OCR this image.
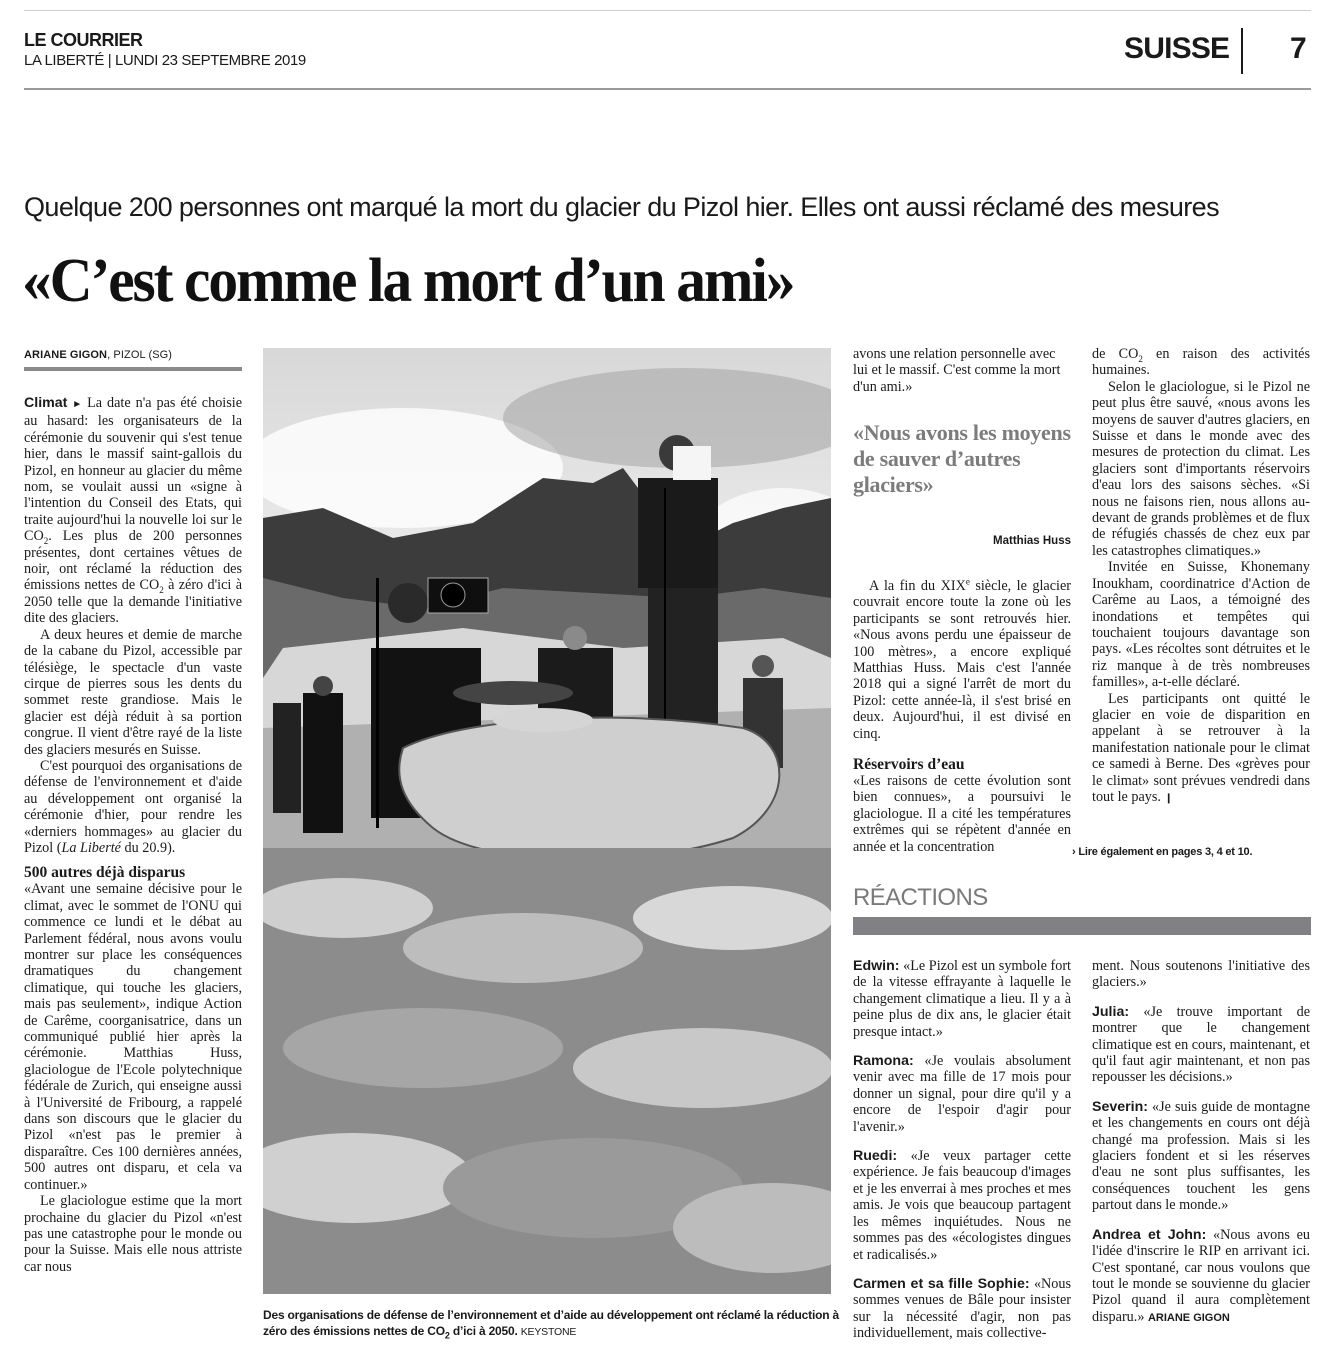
LE COURRIER
LA LIBERTÉ | LUNDI 23 SEPTEMBRE 2019	SUISSE 7
Quelque 200 personnes ont marqué la mort du glacier du Pizol hier. Elles ont aussi réclamé des mesures
«C’est comme la mort d’un ami»
ARIANE GIGON, PIZOL (SG)

Climat ► La date n'a pas été choisie au hasard: les organisateurs de la cérémonie du souvenir qui s'est tenue hier, dans le massif saint-gallois du Pizol, en honneur au glacier du même nom, se voulait aussi un «signe à l'intention du Conseil des Etats, qui traite aujourd'hui la nouvelle loi sur le $CO_2$. Les plus de 200 personnes présentes, dont certaines vêtues de noir, ont réclamé la réduction des émissions nettes de $CO_2$ à zéro d'ici à 2050 telle que la demande l'initiative dite des glaciers.

A deux heures et demie de marche de la cabane du Pizol, accessible par télésiège, le spectacle d'un vaste cirque de pierres sous les dents du sommet reste grandiose. Mais le glacier est déjà réduit à sa portion congrue. Il vient d'être rayé de la liste des glaciers mesurés en Suisse.

C'est pourquoi des organisations de défense de l'environnement et d'aide au développement ont organisé la cérémonie d'hier, pour rendre les «derniers hommages» au glacier du Pizol (La Liberté du 20.9).

500 autres déjà disparus

«Avant une semaine décisive pour le climat, avec le sommet de l'ONU qui commence ce lundi et le débat au Parlement fédéral, nous avons voulu montrer sur place les conséquences dramatiques du changement climatique, qui touche les glaciers, mais pas seulement», indique Action de Carême, coorganisatrice, dans un communiqué publié hier après la cérémonie. Matthias Huss, glaciologue de l'Ecole polytechnique fédérale de Zurich, qui enseigne aussi à l'Université de Fribourg, a rappelé dans son discours que le glacier du Pizol «n'est pas le premier à disparaître. Ces 100 dernières années, 500 autres ont disparu, et cela va continuer.»

Le glaciologue estime que la mort prochaine du glacier du Pizol «n'est pas une catastrophe pour le monde ou pour la Suisse. Mais elle nous attriste car nous

Des organisations de défense de l’environnement et d’aide au développement ont réclamé la réduction à zéro des émissions nettes de $CO_2$ d’ici à 2050. KEYSTONE

avons une relation personnelle avec lui et le massif. C'est comme la mort d'un ami.»

«Nous avons les moyens de sauver d’autres glaciers»
Matthias Huss

A la fin du XIXe siècle, le glacier couvrait encore toute la zone où les participants se sont retrouvés hier. «Nous avons perdu une épaisseur de 100 mètres», a encore expliqué Matthias Huss. Mais c'est l'année 2018 qui a signé l'arrêt de mort du Pizol: cette année-là, il s'est brisé en deux. Aujourd'hui, il est divisé en cinq.

Réservoirs d’eau

«Les raisons de cette évolution sont bien connues», a poursuivi le glaciologue. Il a cité les températures extrêmes qui se répètent d'année en année et la concentration

de $CO_2$ en raison des activités humaines.

Selon le glaciologue, si le Pizol ne peut plus être sauvé, «nous avons les moyens de sauver d'autres glaciers, en Suisse et dans le monde avec des mesures de protection du climat. Les glaciers sont d'importants réservoirs d'eau lors des saisons sèches. «Si nous ne faisons rien, nous allons au-devant de grands problèmes et de flux de réfugiés chassés de chez eux par les catastrophes climatiques.»

Invitée en Suisse, Khonemany Inoukham, coordinatrice d'Action de Carême au Laos, a témoigné des inondations et tempêtes qui touchaient toujours davantage son pays. «Les récoltes sont détruites et le riz manque à de très nombreuses familles», a-t-elle déclaré.

Les participants ont quitté le glacier en voie de disparition en appelant à se retrouver à la manifestation nationale pour le climat ce samedi à Berne. Des «grèves pour le climat» sont prévues vendredi dans tout le pays. ❙

› Lire également en pages 3, 4 et 10.
RÉACTIONS

Edwin: «Le Pizol est un symbole fort de la vitesse effrayante à laquelle le changement climatique a lieu. Il y a à peine plus de dix ans, le glacier était presque intact.»

Ramona: «Je voulais absolument venir avec ma fille de 17 mois pour donner un signal, pour dire qu'il y a encore de l'espoir d'agir pour l'avenir.»

Ruedi: «Je veux partager cette expérience. Je fais beaucoup d'images et je les enverrai à mes proches et mes amis. Je vois que beaucoup partagent les mêmes inquiétudes. Nous ne sommes pas des «écologistes dingues et radicalisés.»

Carmen et sa fille Sophie: «Nous sommes venues de Bâle pour insister sur la nécessité d'agir, non pas individuellement, mais collective-

ment. Nous soutenons l'initiative des glaciers.»

Julia: «Je trouve important de montrer que le changement climatique est en cours, maintenant, et qu'il faut agir maintenant, et non pas repousser les décisions.»

Severin: «Je suis guide de montagne et les changements en cours ont déjà changé ma profession. Mais si les glaciers fondent et si les réserves d'eau ne sont plus suffisantes, les conséquences touchent les gens partout dans le monde.»

Andrea et John: «Nous avons eu l'idée d'inscrire le RIP en arrivant ici. C'est spontané, car nous voulons que tout le monde se souvienne du glacier Pizol quand il aura complètement disparu.» ARIANE GIGON
